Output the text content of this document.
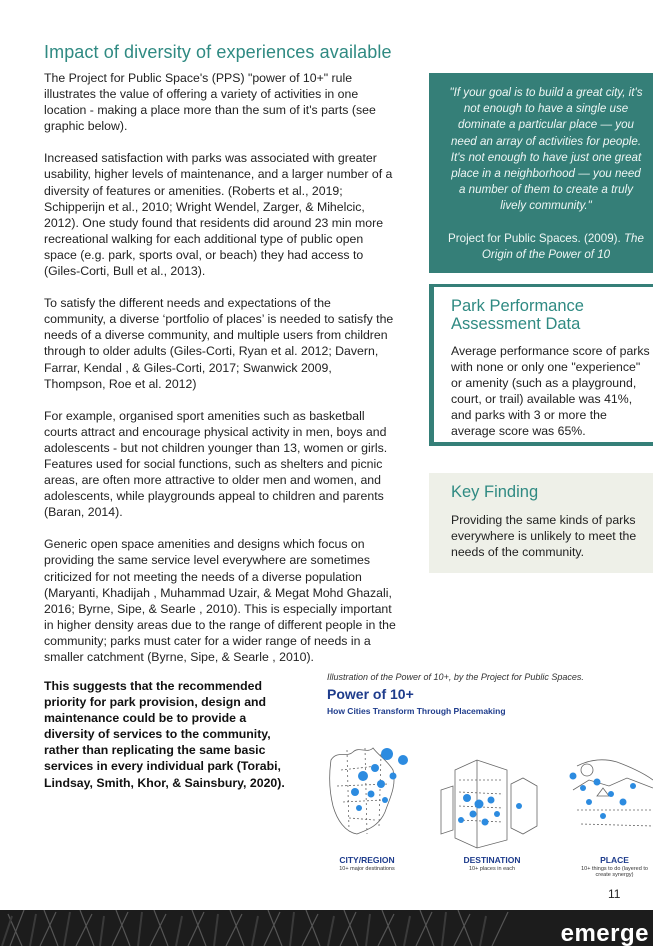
Impact of diversity of experiences available

The Project for Public Space's (PPS) "power of 10+" rule illustrates the value of offering a variety of activities in one location - making a place more than the sum of it's parts (see graphic below).

Increased satisfaction with parks was associated with greater usability, higher levels of maintenance, and a larger number of a diversity of features or amenities. (Roberts et al., 2019; Schipperijn et al., 2010; Wright Wendel, Zarger, & Mihelcic, 2012). One study found that residents did around 23 min more recreational walking for each additional type of public open space (e.g. park, sports oval, or beach) they had access to (Giles-Corti, Bull et al., 2013).

To satisfy the different needs and expectations of the community, a diverse ‘portfolio of places’ is needed to satisfy the needs of a diverse community, and multiple users from children through to older adults (Giles-Corti, Ryan et al. 2012; Davern, Farrar, Kendal , & Giles-Corti, 2017; Swanwick 2009, Thompson, Roe et al. 2012)

For example, organised sport amenities such as basketball courts attract and encourage physical activity in men, boys and adolescents - but not children younger than 13, women or girls. Features used for social functions, such as shelters and picnic areas, are often more attractive to older men and women, and adolescents, while playgrounds appeal to children and parents (Baran, 2014).

Generic open space amenities and designs which focus on providing the same service level everywhere are sometimes criticized for not meeting the needs of a diverse population (Maryanti, Khadijah , Muhammad Uzair, & Megat Mohd Ghazali, 2016; Byrne, Sipe, & Searle , 2010). This is especially important in higher density areas due to the range of different people in the community; parks must cater for a wider range of needs in a smaller catchment (Byrne, Sipe, & Searle , 2010).

This suggests that the recommended priority for park provision, design and maintenance could be to provide a diversity of services to the community, rather than replicating the same basic services in every individual park (Torabi, Lindsay, Smith, Khor, & Sainsbury, 2020).
"If your goal is to build a great city, it's not enough to have a single use dominate a particular place — you need an array of activities for people. It's not enough to have just one great place in a neighborhood — you need a number of them to create a truly lively community."
Project for Public Spaces. (2009). The Origin of the Power of 10
Park Performance Assessment Data
Average performance score of parks with none or only one "experience" or amenity (such as a playground, court, or trail) available was 41%, and parks with 3 or more the average score was 65%.
Key Finding
Providing the same kinds of parks everywhere is unlikely to meet the needs of the community.
Illustration of the Power of 10+, by the Project for Public Spaces.
Power of 10+
How Cities Transform Through Placemaking
CITY/REGION
10+ major destinations
DESTINATION
10+ places in each
PLACE
10+ things to do (layered to create synergy)
11
emerge
